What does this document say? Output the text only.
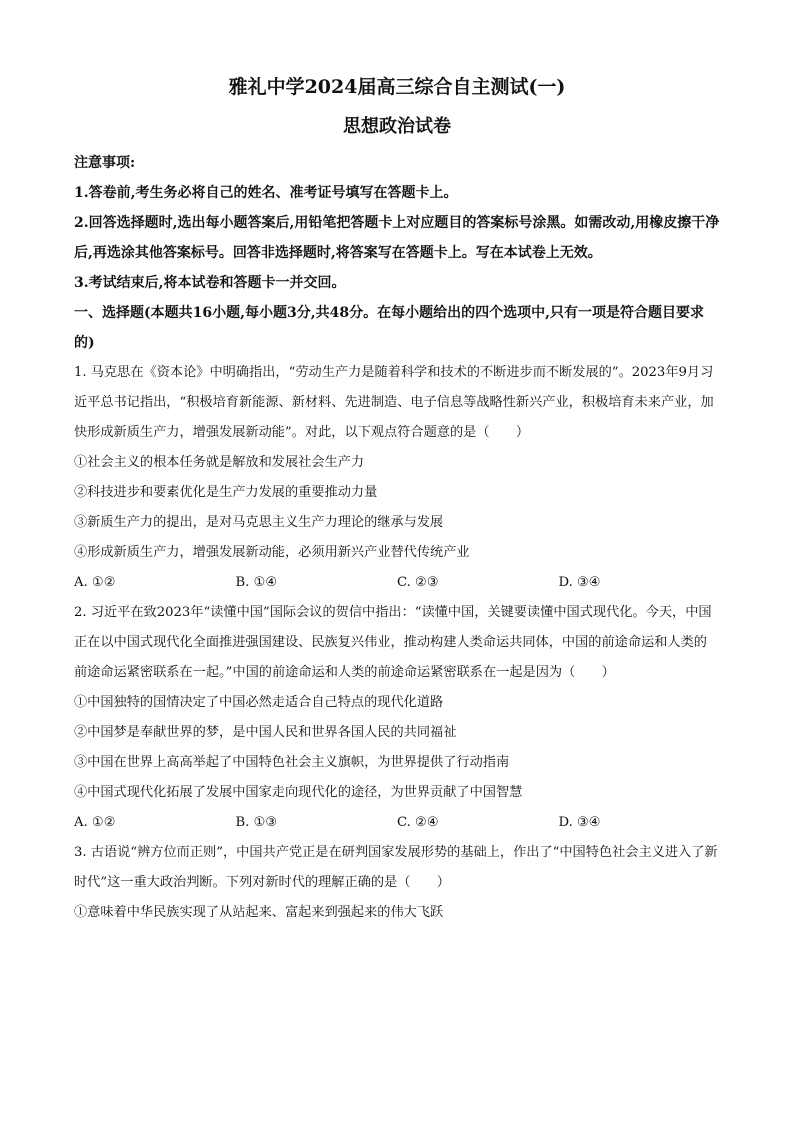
雅礼中学2024届高三综合自主测试(一)
思想政治试卷

注意事项:

1.答卷前,考生务必将自己的姓名、准考证号填写在答题卡上。

2.回答选择题时,选出每小题答案后,用铅笔把答题卡上对应题目的答案标号涂黑。如需改动,用橡皮擦干净后,再选涂其他答案标号。回答非选择题时,将答案写在答题卡上。写在本试卷上无效。

3.考试结束后,将本试卷和答题卡一并交回。

一、选择题(本题共16小题,每小题3分,共48分。在每小题给出的四个选项中,只有一项是符合题目要求的)

1. 马克思在《资本论》中明确指出，“劳动生产力是随着科学和技术的不断进步而不断发展的”。2023年9月习近平总书记指出，“积极培育新能源、新材料、先进制造、电子信息等战略性新兴产业，积极培育未来产业，加快形成新质生产力，增强发展新动能”。对此，以下观点符合题意的是（　　）

①社会主义的根本任务就是解放和发展社会生产力

②科技进步和要素优化是生产力发展的重要推动力量

③新质生产力的提出，是对马克思主义生产力理论的继承与发展

④形成新质生产力，增强发展新动能，必须用新兴产业替代传统产业

A. ①②	B. ①④	C. ②③	D. ③④

2. 习近平在致2023年“读懂中国”国际会议的贺信中指出：“读懂中国，关键要读懂中国式现代化。今天，中国正在以中国式现代化全面推进强国建设、民族复兴伟业，推动构建人类命运共同体，中国的前途命运和人类的前途命运紧密联系在一起。”中国的前途命运和人类的前途命运紧密联系在一起是因为（　　）

①中国独特的国情决定了中国必然走适合自己特点的现代化道路

②中国梦是奉献世界的梦，是中国人民和世界各国人民的共同福祉

③中国在世界上高高举起了中国特色社会主义旗帜，为世界提供了行动指南

④中国式现代化拓展了发展中国家走向现代化的途径，为世界贡献了中国智慧

A. ①②	B. ①③	C. ②④	D. ③④

3. 古语说“辨方位而正则”，中国共产党正是在研判国家发展形势的基础上，作出了“中国特色社会主义进入了新时代”这一重大政治判断。下列对新时代的理解正确的是（　　）

①意味着中华民族实现了从站起来、富起来到强起来的伟大飞跃
